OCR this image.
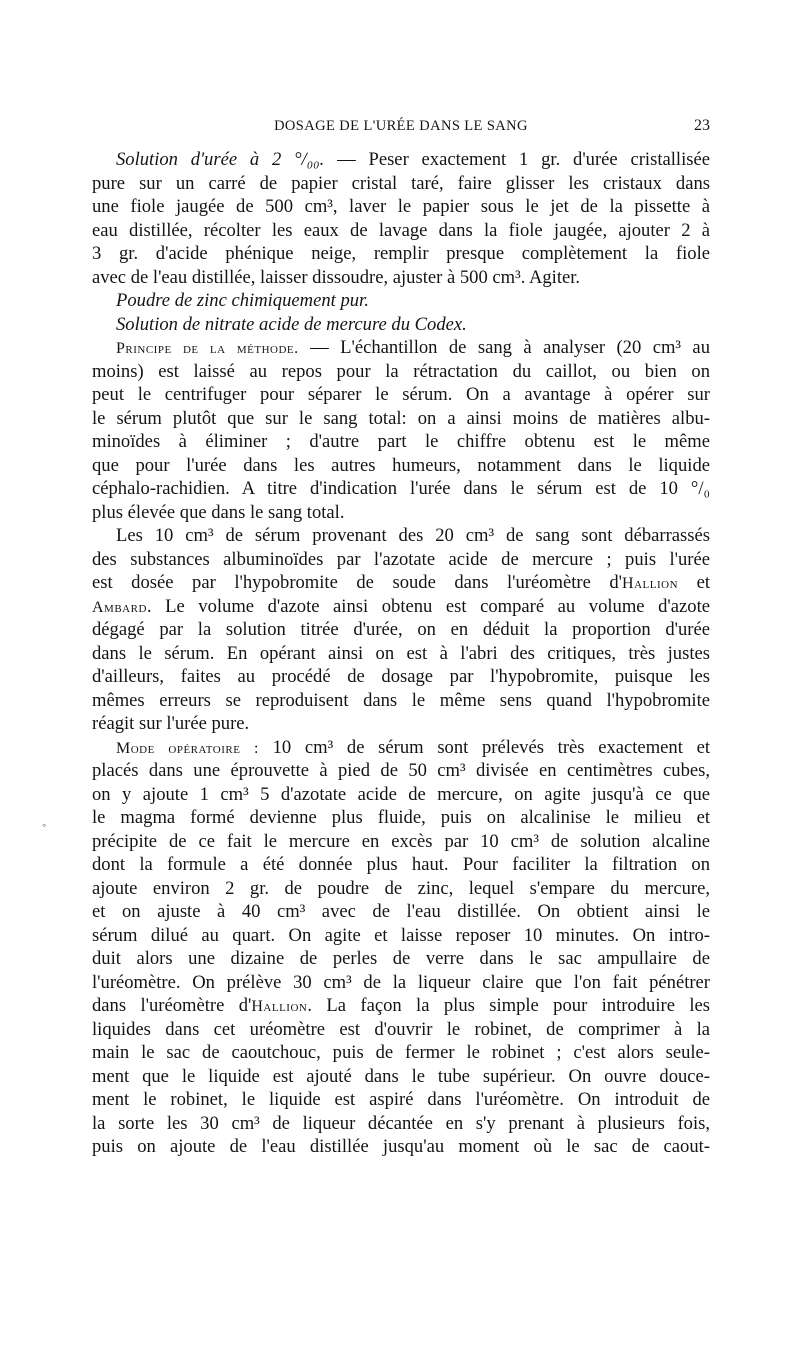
DOSAGE DE L'URÉE DANS LE SANG	23
Solution d'urée à 2 °/₀₀. — Peser exactement 1 gr. d'urée cristallisée
pure sur un carré de papier cristal taré, faire glisser les cristaux dans
une fiole jaugée de 500 cm³, laver le papier sous le jet de la pissette à
eau distillée, récolter les eaux de lavage dans la fiole jaugée, ajouter 2 à
3 gr. d'acide phénique neige, remplir presque complètement la fiole
avec de l'eau distillée, laisser dissoudre, ajuster à 500 cm³. Agiter.
Poudre de zinc chimiquement pur.
Solution de nitrate acide de mercure du Codex.
Principe de la méthode. — L'échantillon de sang à analyser (20 cm³ au
moins) est laissé au repos pour la rétractation du caillot, ou bien on
peut le centrifuger pour séparer le sérum. On a avantage à opérer sur
le sérum plutôt que sur le sang total: on a ainsi moins de matières albu-
minoïdes à éliminer ; d'autre part le chiffre obtenu est le même
que pour l'urée dans les autres humeurs, notamment dans le liquide
céphalo-rachidien. A titre d'indication l'urée dans le sérum est de 10 °/₀
plus élevée que dans le sang total.
Les 10 cm³ de sérum provenant des 20 cm³ de sang sont débarrassés
des substances albuminoïdes par l'azotate acide de mercure ; puis l'urée
est dosée par l'hypobromite de soude dans l'uréomètre d'Hallion et
Ambard. Le volume d'azote ainsi obtenu est comparé au volume d'azote
dégagé par la solution titrée d'urée, on en déduit la proportion d'urée
dans le sérum. En opérant ainsi on est à l'abri des critiques, très justes
d'ailleurs, faites au procédé de dosage par l'hypobromite, puisque les
mêmes erreurs se reproduisent dans le même sens quand l'hypobromite
réagit sur l'urée pure.
Mode opératoire : 10 cm³ de sérum sont prélevés très exactement et
placés dans une éprouvette à pied de 50 cm³ divisée en centimètres cubes,
on y ajoute 1 cm³ 5 d'azotate acide de mercure, on agite jusqu'à ce que
le magma formé devienne plus fluide, puis on alcalinise le milieu et
précipite de ce fait le mercure en excès par 10 cm³ de solution alcaline
dont la formule a été donnée plus haut. Pour faciliter la filtration on
ajoute environ 2 gr. de poudre de zinc, lequel s'empare du mercure,
et on ajuste à 40 cm³ avec de l'eau distillée. On obtient ainsi le
sérum dilué au quart. On agite et laisse reposer 10 minutes. On intro-
duit alors une dizaine de perles de verre dans le sac ampullaire de
l'uréomètre. On prélève 30 cm³ de la liqueur claire que l'on fait pénétrer
dans l'uréomètre d'Hallion. La façon la plus simple pour introduire les
liquides dans cet uréomètre est d'ouvrir le robinet, de comprimer à la
main le sac de caoutchouc, puis de fermer le robinet ; c'est alors seule-
ment que le liquide est ajouté dans le tube supérieur. On ouvre douce-
ment le robinet, le liquide est aspiré dans l'uréomètre. On introduit de
la sorte les 30 cm³ de liqueur décantée en s'y prenant à plusieurs fois,
puis on ajoute de l'eau distillée jusqu'au moment où le sac de caout-
◦
